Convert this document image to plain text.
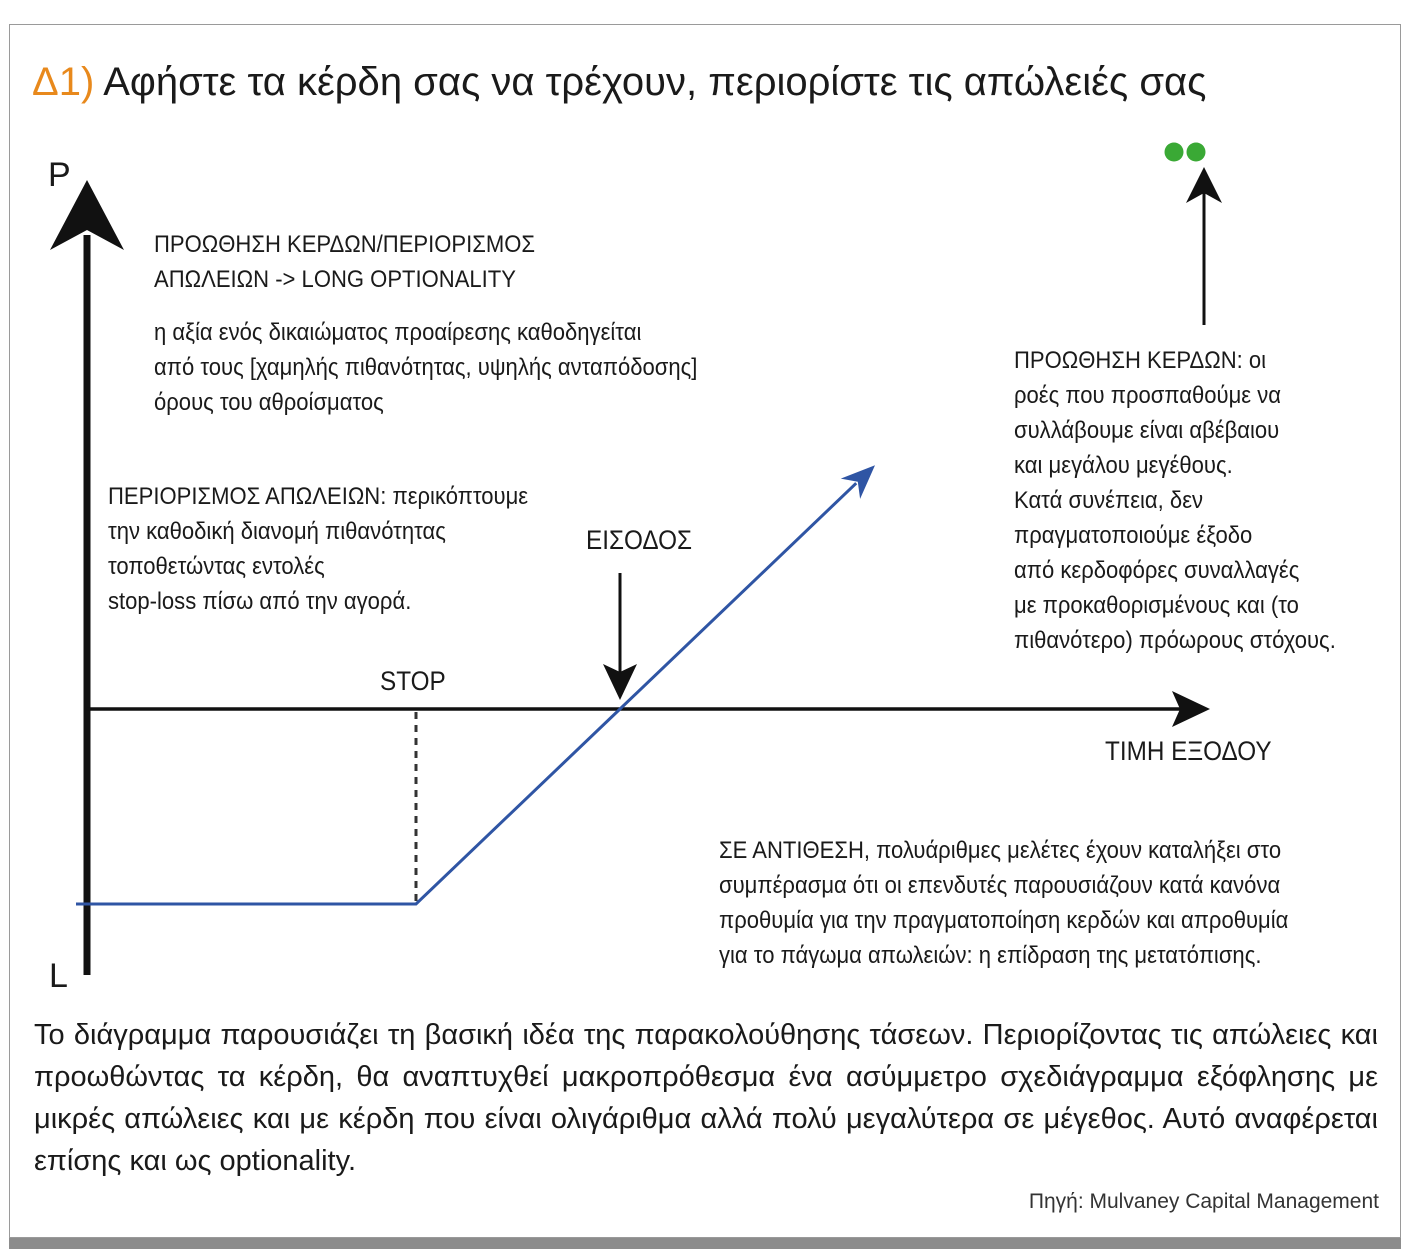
Δ1) Αφήστε τα κέρδη σας να τρέχουν, περιορίστε τις απώλειές σας
P
L
STOP
ΕΙΣΟΔΟΣ
ΤΙΜΗ ΕΞΟΔΟΥ

ΠΡΟΩΘΗΣΗ ΚΕΡΔΩΝ/ΠΕΡΙΟΡΙΣΜΟΣ

ΑΠΩΛΕΙΩΝ -> LONG OPTIONALITY

η αξία ενός δικαιώματος προαίρεσης καθοδηγείται

από τους [χαμηλής πιθανότητας, υψηλής ανταπόδοσης]

όρους του αθροίσματος

ΠΕΡΙΟΡΙΣΜΟΣ ΑΠΩΛΕΙΩΝ: περικόπτουμε

την καθοδική διανομή πιθανότητας

τοποθετώντας εντολές

stop-loss πίσω από την αγορά.

ΠΡΟΩΘΗΣΗ ΚΕΡΔΩΝ: οι

ροές που προσπαθούμε να

συλλάβουμε είναι αβέβαιου

και μεγάλου μεγέθους.

Κατά συνέπεια, δεν

πραγματοποιούμε έξοδο

από κερδοφόρες συναλλαγές

με προκαθορισμένους και (το

πιθανότερο) πρόωρους στόχους.

ΣΕ ΑΝΤΙΘΕΣΗ, πολυάριθμες μελέτες έχουν καταλήξει στο

συμπέρασμα ότι οι επενδυτές παρουσιάζουν κατά κανόνα

προθυμία για την πραγματοποίηση κερδών και απροθυμία

για το πάγωμα απωλειών: η επίδραση της μετατόπισης.

Το διάγραμμα παρουσιάζει τη βασική ιδέα της παρακολούθησης τάσεων. Περιορίζοντας τις απώλειες και προωθώντας τα κέρδη, θα αναπτυχθεί μακροπρόθεσμα ένα ασύμμετρο σχεδιάγραμμα εξόφλησης με μικρές απώλειες και με κέρδη που είναι ολιγάριθμα αλλά πολύ μεγαλύτερα σε μέγεθος. Αυτό αναφέρεται επίσης και ως optionality.
Πηγή: Mulvaney Capital Management
